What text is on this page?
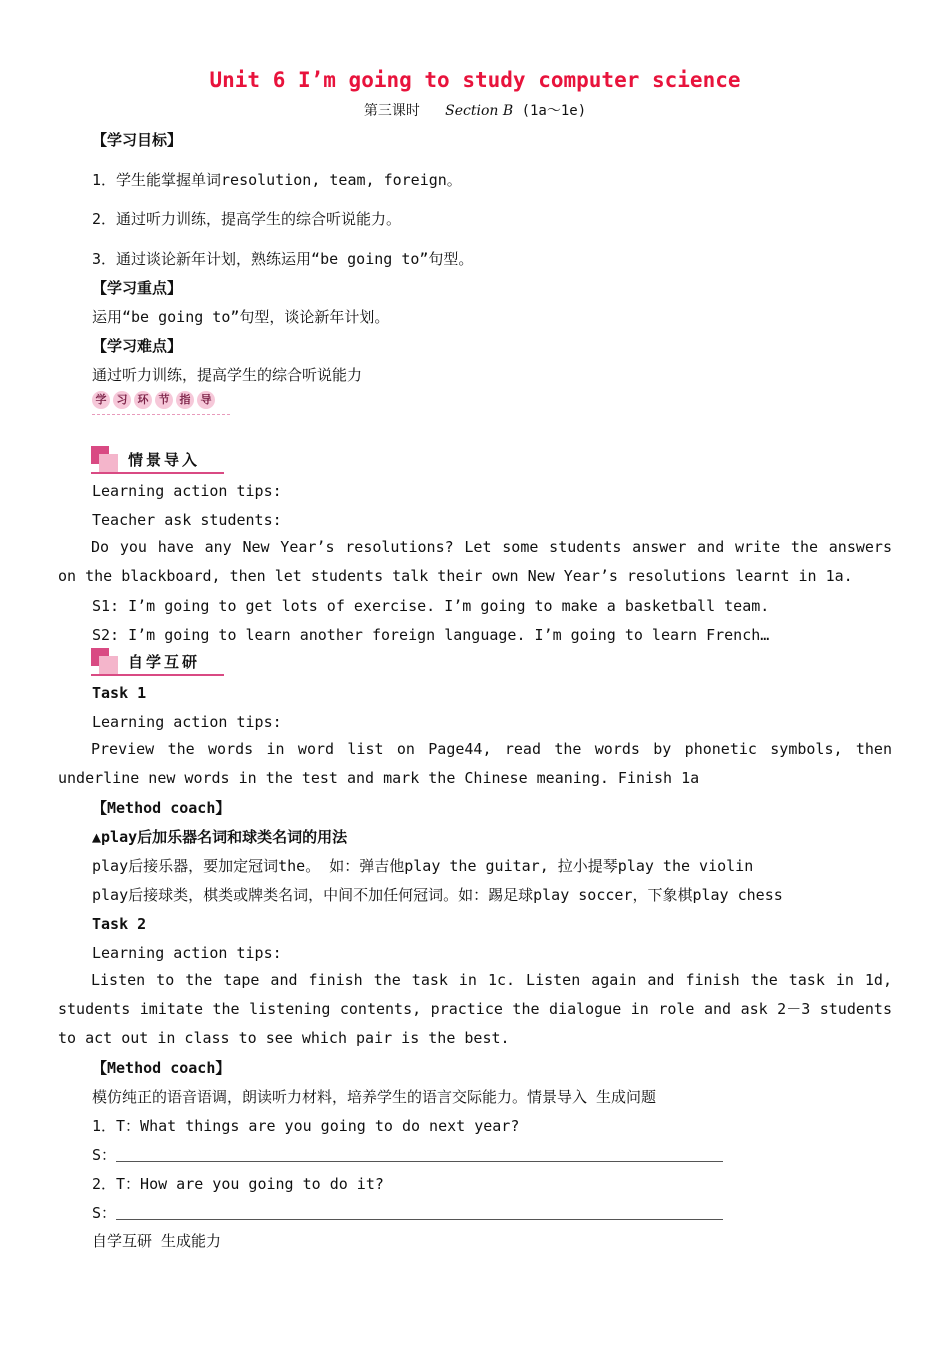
Unit 6 I’m going to study computer science
第三课时 Section B (1a～1e)
【学习目标】
1．学生能掌握单词resolution, team, foreign。
2．通过听力训练，提高学生的综合听说能力。
3．通过谈论新年计划，熟练运用“be going to”句型。
【学习重点】
运用“be going to”句型，谈论新年计划。
【学习难点】
通过听力训练，提高学生的综合听说能力
学 习 环 节 指 导
情景导入
Learning action tips:
Teacher ask students:
Do you have any New Year’s resolutions? Let some students answer and write the answers on the blackboard, then let students talk their own New Year’s resolutions learnt in 1a.
S1: I’m going to get lots of exercise. I’m going to make a basketball team.
S2: I’m going to learn another foreign language. I’m going to learn French…
自学互研
Task 1
Learning action tips:
Preview the words in word list on Page44, read the words by phonetic symbols, then underline new words in the test and mark the Chinese meaning. Finish 1a
【Method coach】
▲play后加乐器名词和球类名词的用法
play后接乐器，要加定冠词the。 如：弹吉他play the guitar, 拉小提琴play the violin
play后接球类，棋类或牌类名词，中间不加任何冠词。如：踢足球play soccer，下象棋play chess
Task 2
Learning action tips:
Listen to the tape and finish the task in 1c. Listen again and finish the task in 1d, students imitate the listening contents, practice the dialogue in role and ask 2－3 students to act out in class to see which pair is the best.
【Method coach】
模仿纯正的语音语调，朗读听力材料，培养学生的语言交际能力。情景导入 生成问题
1．T：What things are you going to do next year?
S：
2．T：How are you going to do it?
S：
自学互研 生成能力
